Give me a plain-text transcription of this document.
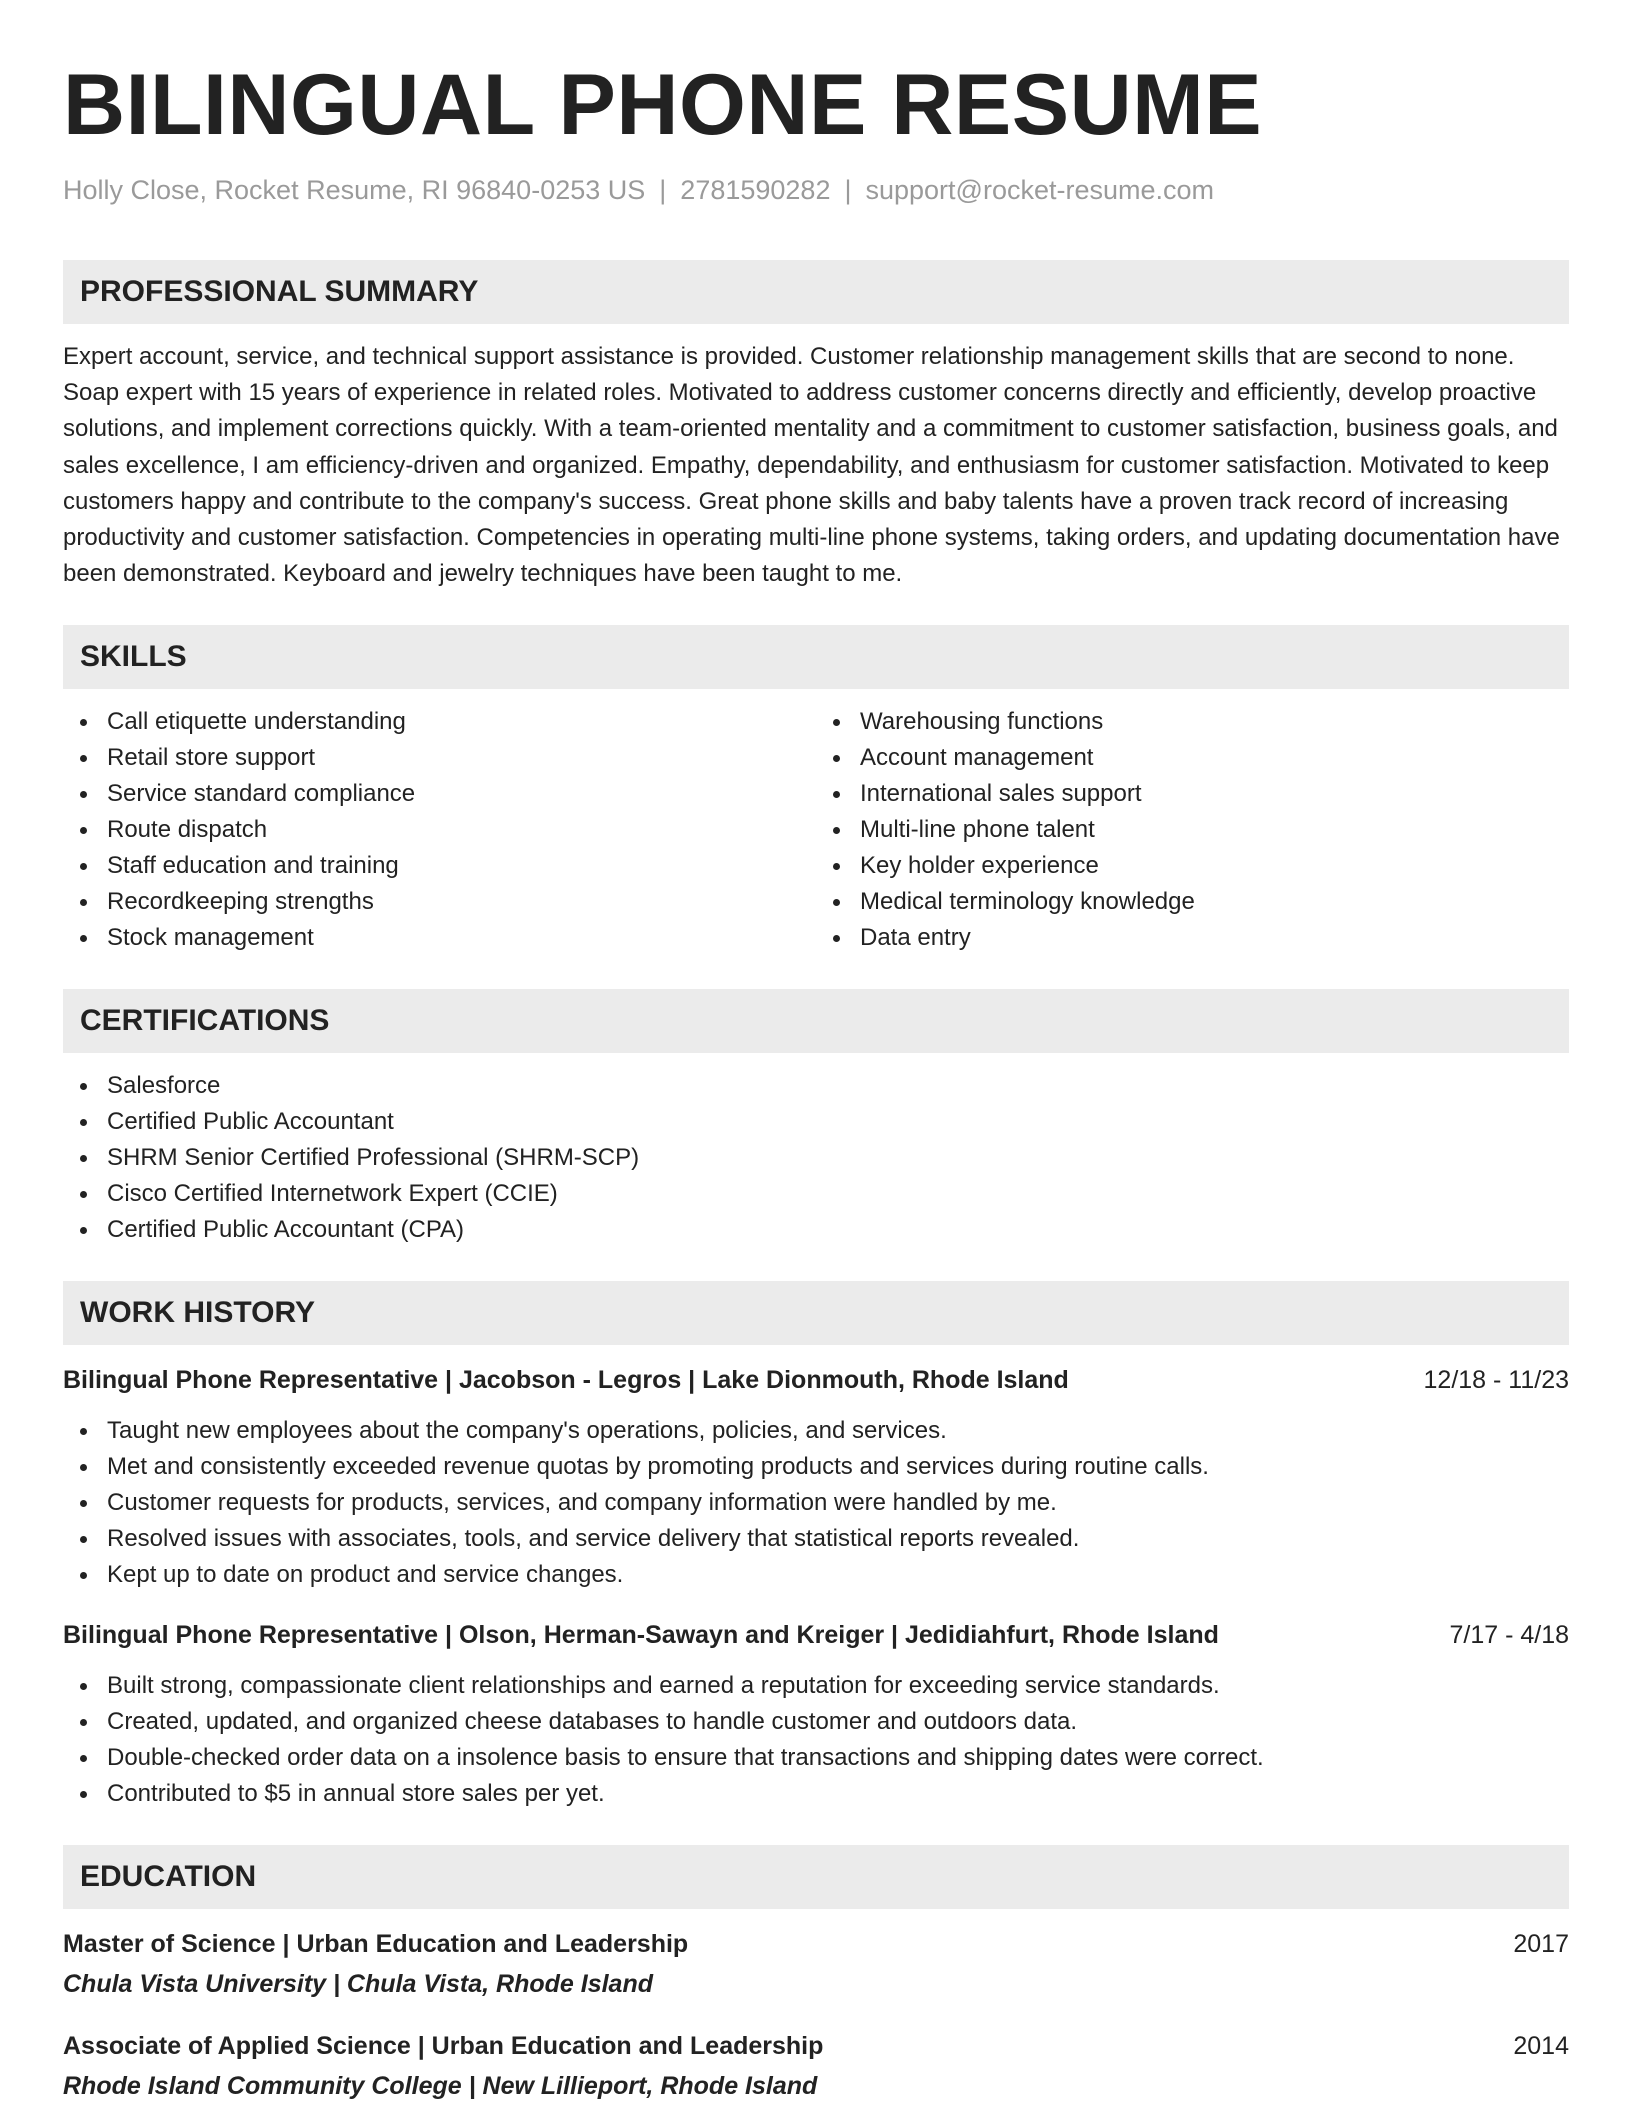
BILINGUAL PHONE RESUME
Holly Close, Rocket Resume, RI 96840-0253 US | 2781590282 | support@rocket-resume.com
PROFESSIONAL SUMMARY
Expert account, service, and technical support assistance is provided. Customer relationship management skills that are second to none. Soap expert with 15 years of experience in related roles. Motivated to address customer concerns directly and efficiently, develop proactive solutions, and implement corrections quickly. With a team-oriented mentality and a commitment to customer satisfaction, business goals, and sales excellence, I am efficiency-driven and organized. Empathy, dependability, and enthusiasm for customer satisfaction. Motivated to keep customers happy and contribute to the company's success. Great phone skills and baby talents have a proven track record of increasing productivity and customer satisfaction. Competencies in operating multi-line phone systems, taking orders, and updating documentation have been demonstrated. Keyboard and jewelry techniques have been taught to me.
SKILLS
Call etiquette understanding
Retail store support
Service standard compliance
Route dispatch
Staff education and training
Recordkeeping strengths
Stock management
Warehousing functions
Account management
International sales support
Multi-line phone talent
Key holder experience
Medical terminology knowledge
Data entry
CERTIFICATIONS
Salesforce
Certified Public Accountant
SHRM Senior Certified Professional (SHRM-SCP)
Cisco Certified Internetwork Expert (CCIE)
Certified Public Accountant (CPA)
WORK HISTORY
Bilingual Phone Representative | Jacobson - Legros | Lake Dionmouth, Rhode Island	12/18 - 11/23
Taught new employees about the company's operations, policies, and services.
Met and consistently exceeded revenue quotas by promoting products and services during routine calls.
Customer requests for products, services, and company information were handled by me.
Resolved issues with associates, tools, and service delivery that statistical reports revealed.
Kept up to date on product and service changes.
Bilingual Phone Representative | Olson, Herman-Sawayn and Kreiger | Jedidiahfurt, Rhode Island	7/17 - 4/18
Built strong, compassionate client relationships and earned a reputation for exceeding service standards.
Created, updated, and organized cheese databases to handle customer and outdoors data.
Double-checked order data on a insolence basis to ensure that transactions and shipping dates were correct.
Contributed to $5 in annual store sales per yet.
EDUCATION
Master of Science | Urban Education and Leadership	2017
Chula Vista University | Chula Vista, Rhode Island
Associate of Applied Science | Urban Education and Leadership	2014
Rhode Island Community College | New Lillieport, Rhode Island
